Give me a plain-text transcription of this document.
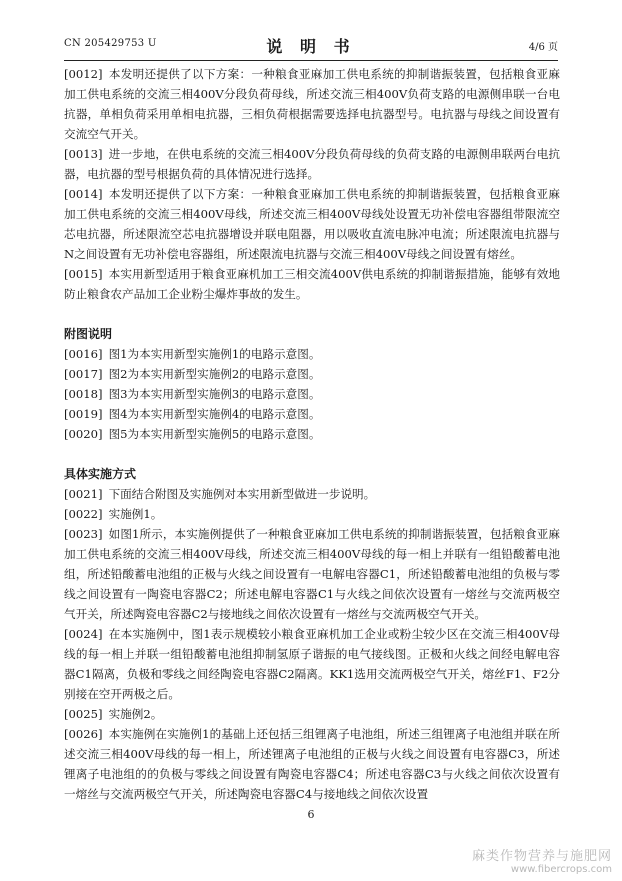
CN 205429753 U	说 明 书	4/6 页

[0012] 本发明还提供了以下方案：一种粮食亚麻加工供电系统的抑制谐振装置，包括粮食亚麻加工供电系统的交流三相400V分段负荷母线，所述交流三相400V负荷支路的电源侧串联一台电抗器，单相负荷采用单相电抗器，三相负荷根据需要选择电抗器型号。电抗器与母线之间设置有交流空气开关。

[0013] 进一步地，在供电系统的交流三相400V分段负荷母线的负荷支路的电源侧串联两台电抗器，电抗器的型号根据负荷的具体情况进行选择。

[0014] 本发明还提供了以下方案：一种粮食亚麻加工供电系统的抑制谐振装置，包括粮食亚麻加工供电系统的交流三相400V母线，所述交流三相400V母线处设置无功补偿电容器组带限流空芯电抗器，所述限流空芯电抗器增设并联电阻器，用以吸收直流电脉冲电流；所述限流电抗器与N之间设置有无功补偿电容器组，所述限流电抗器与交流三相400V母线之间设置有熔丝。

[0015] 本实用新型适用于粮食亚麻机加工三相交流400V供电系统的抑制谐振措施，能够有效地防止粮食农产品加工企业粉尘爆炸事故的发生。

附图说明

[0016] 图1为本实用新型实施例1的电路示意图。

[0017] 图2为本实用新型实施例2的电路示意图。

[0018] 图3为本实用新型实施例3的电路示意图。

[0019] 图4为本实用新型实施例4的电路示意图。

[0020] 图5为本实用新型实施例5的电路示意图。

具体实施方式

[0021] 下面结合附图及实施例对本实用新型做进一步说明。

[0022] 实施例1。

[0023] 如图1所示，本实施例提供了一种粮食亚麻加工供电系统的抑制谐振装置，包括粮食亚麻加工供电系统的交流三相400V母线，所述交流三相400V母线的每一相上并联有一组铅酸蓄电池组，所述铅酸蓄电池组的正极与火线之间设置有一电解电容器C1，所述铅酸蓄电池组的负极与零线之间设置有一陶瓷电容器C2；所述电解电容器C1与火线之间依次设置有一熔丝与交流两极空气开关，所述陶瓷电容器C2与接地线之间依次设置有一熔丝与交流两极空气开关。

[0024] 在本实施例中，图1表示规模较小粮食亚麻机加工企业或粉尘较少区在交流三相400V母线的每一相上并联一组铅酸蓄电池组抑制氢原子谐振的电气接线图。正极和火线之间经电解电容器C1隔离，负极和零线之间经陶瓷电容器C2隔离。KK1选用交流两极空气开关，熔丝F1、F2分别接在空开两极之后。

[0025] 实施例2。

[0026] 本实施例在实施例1的基础上还包括三组锂离子电池组，所述三组锂离子电池组并联在所述交流三相400V母线的每一相上，所述锂离子电池组的正极与火线之间设置有电容器C3，所述锂离子电池组的的负极与零线之间设置有陶瓷电容器C4；所述电容器C3与火线之间依次设置有一熔丝与交流两极空气开关，所述陶瓷电容器C4与接地线之间依次设置

6
麻类作物营养与施肥网
www.fibercrops.com
